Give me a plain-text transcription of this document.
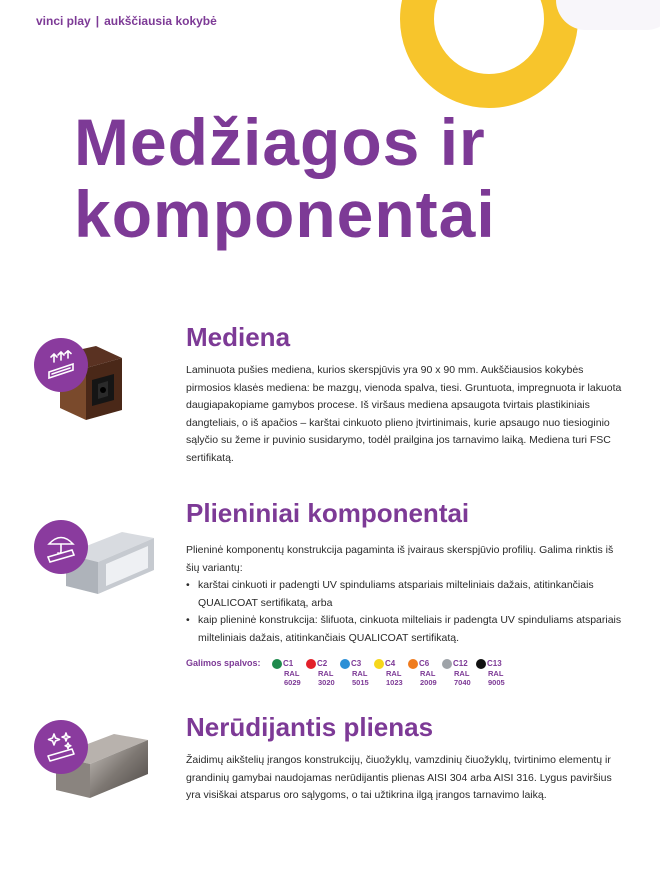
vinci play | aukščiausia kokybė
Medžiagos ir
komponentai
Mediena

Laminuota pušies mediena, kurios skerspjūvis yra 90 x 90 mm. Aukščiausios kokybės pirmosios klasės mediena: be mazgų, vienoda spalva, tiesi. Gruntuota, impregnuota ir lakuota daugiapakopiame gamybos procese. Iš viršaus mediena apsaugota tvirtais plastikiniais dangteliais, o iš apačios – karštai cinkuoto plieno įtvirtinimais, kurie apsaugo nuo tiesioginio sąlyčio su žeme ir puvinio susidarymo, todėl prailgina jos tarnavimo laiką. Mediena turi FSC sertifikatą.

Plieniniai komponentai

Plieninė komponentų konstrukcija pagaminta iš įvairaus skerspjūvio profilių. Galima rinktis iš šių variantų:

• karštai cinkuoti ir padengti UV spinduliams atspariais milteliniais dažais, atitinkančiais QUALICOAT sertifikatą, arba
• kaip plieninė konstrukcija: šlifuota, cinkuota milteliais ir padengta UV spinduliams atspariais milteliniais dažais, atitinkančiais QUALICOAT sertifikatą.
Galimos spalvos:	C1
RAL 6029
C2
RAL 3020
C3
RAL 5015
C4
RAL 1023
C6
RAL 2009
C12
RAL 7040
C13
RAL 9005
Nerūdijantis plienas

Žaidimų aikštelių įrangos konstrukcijų, čiuožyklų, vamzdinių čiuožyklų, tvirtinimo elementų ir grandinių gamybai naudojamas nerūdijantis plienas AISI 304 arba AISI 316. Lygus paviršius yra visiškai atsparus oro sąlygoms, o tai užtikrina ilgą įrangos tarnavimo laiką.
